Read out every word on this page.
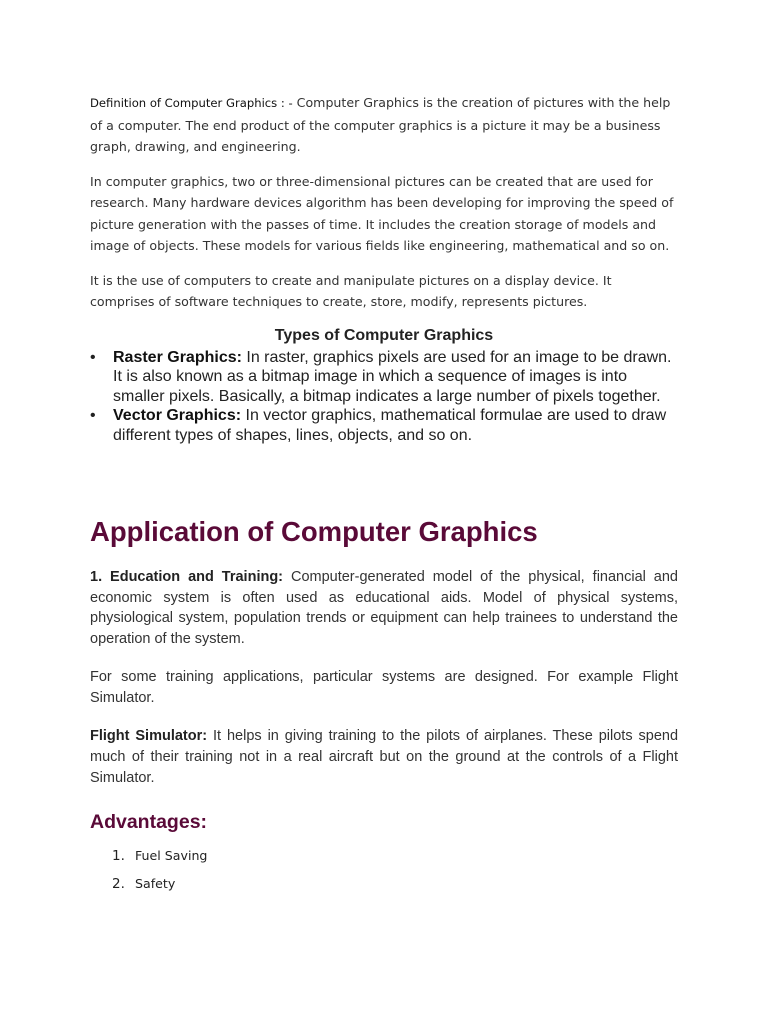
Definition of Computer Graphics : - Computer Graphics is the creation of pictures with the help of a computer. The end product of the computer graphics is a picture it may be a business graph, drawing, and engineering.

In computer graphics, two or three-dimensional pictures can be created that are used for research. Many hardware devices algorithm has been developing for improving the speed of picture generation with the passes of time. It includes the creation storage of models and image of objects. These models for various fields like engineering, mathematical and so on.

It is the use of computers to create and manipulate pictures on a display device. It comprises of software techniques to create, store, modify, represents pictures.

Types of Computer Graphics
• Raster Graphics: In raster, graphics pixels are used for an image to be drawn. It is also known as a bitmap image in which a sequence of images is into smaller pixels. Basically, a bitmap indicates a large number of pixels together.
• Vector Graphics: In vector graphics, mathematical formulae are used to draw different types of shapes, lines, objects, and so on.
Application of Computer Graphics

1. Education and Training: Computer-generated model of the physical, financial and economic system is often used as educational aids. Model of physical systems, physiological system, population trends or equipment can help trainees to understand the operation of the system.

For some training applications, particular systems are designed. For example Flight Simulator.

Flight Simulator: It helps in giving training to the pilots of airplanes. These pilots spend much of their training not in a real aircraft but on the ground at the controls of a Flight Simulator.

Advantages:
Fuel Saving
Safety
